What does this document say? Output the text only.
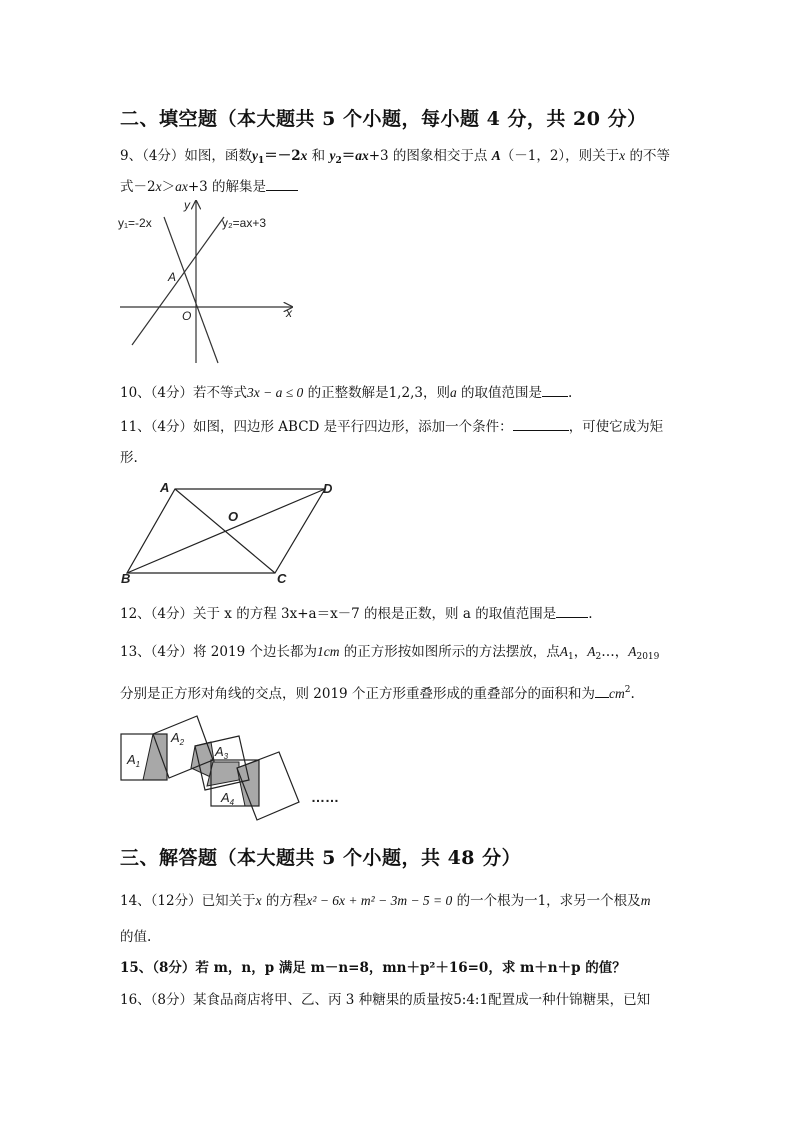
二、填空题（本大题共 5 个小题，每小题 4 分，共 20 分）
9、（4分）如图，函数$y_1=-2x$ 和 $y_2=ax+3$ 的图象相交于点 A（－1，2），则关于x 的不等
式－2x＞ax+3 的解集是
y₁=-2x	y₂=ax+3
y
x
O
A
10、（4分）若不等式3x − a ≤ 0 的正整数解是1,2,3，则a 的取值范围是 .
11、（4分）如图，四边形 ABCD 是平行四边形，添加一个条件：	，可使它成为矩
形.
A	D
B	C
O
12、（4分）关于 x 的方程 3x+a＝x－7 的根是正数，则 a 的取值范围是 .
13、（4分）将 2019 个边长都为1cm 的正方形按如图所示的方法摆放，点$A_1$，$A_2\dots$，$A_{2019}$
分别是正方形对角线的交点，则 2019 个正方形重叠形成的重叠部分的面积和为 $cm^2$.
$A_1$
$A_2$
$A_3$
$A_4$	……
三、解答题（本大题共 5 个小题，共 48 分）
14、（12分）已知关于x 的方程x² − 6x + m² − 3m − 5 = 0 的一个根为一1，求另一个根及m
的值.
15、（8分）若 m，n，p 满足 m－n=8，mn＋p²＋16=0，求 m＋n＋p 的值？
16、（8分）某食品商店将甲、乙、丙 3 种糖果的质量按5:4:1配置成一种什锦糖果，已知
